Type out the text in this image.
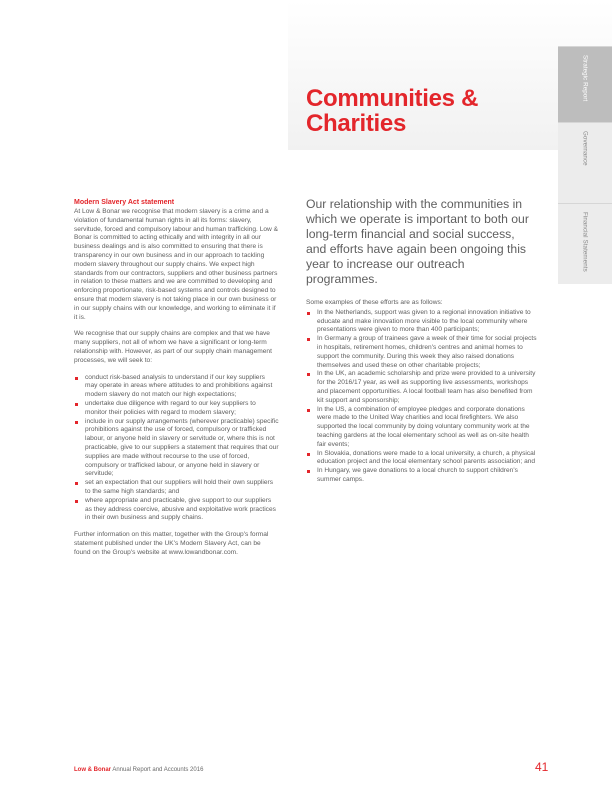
Strategic Report
Governance
Financial Statements
Communities &
Charities

Modern Slavery Act statement

At Low & Bonar we recognise that modern slavery is a crime and a violation of fundamental human rights in all its forms: slavery, servitude, forced and compulsory labour and human trafficking. Low & Bonar is committed to acting ethically and with integrity in all our business dealings and is also committed to ensuring that there is transparency in our own business and in our approach to tackling modern slavery throughout our supply chains. We expect high standards from our contractors, suppliers and other business partners in relation to these matters and we are committed to developing and enforcing proportionate, risk-based systems and controls designed to ensure that modern slavery is not taking place in our own business or in our supply chains with our knowledge, and working to eliminate it if it is.

We recognise that our supply chains are complex and that we have many suppliers, not all of whom we have a significant or long-term relationship with. However, as part of our supply chain management processes, we will seek to:

conduct risk-based analysis to understand if our key suppliers may operate in areas where attitudes to and prohibitions against modern slavery do not match our high expectations;
undertake due diligence with regard to our key suppliers to monitor their policies with regard to modern slavery;
include in our supply arrangements (wherever practicable) specific prohibitions against the use of forced, compulsory or trafficked labour, or anyone held in slavery or servitude or, where this is not practicable, give to our suppliers a statement that requires that our supplies are made without recourse to the use of forced, compulsory or trafficked labour, or anyone held in slavery or servitude;
set an expectation that our suppliers will hold their own suppliers to the same high standards; and
where appropriate and practicable, give support to our suppliers as they address coercive, abusive and exploitative work practices in their own business and supply chains.

Further information on this matter, together with the Group's formal statement published under the UK's Modern Slavery Act, can be found on the Group's website at www.lowandbonar.com.

Our relationship with the communities in which we operate is important to both our long-term financial and social success, and efforts have again been ongoing this year to increase our outreach programmes.

Some examples of these efforts are as follows:

In the Netherlands, support was given to a regional innovation initiative to educate and make innovation more visible to the local community where presentations were given to more than 400 participants;
In Germany a group of trainees gave a week of their time for social projects in hospitals, retirement homes, children's centres and animal homes to support the community. During this week they also raised donations themselves and used these on other charitable projects;
In the UK, an academic scholarship and prize were provided to a university for the 2016/17 year, as well as supporting live assessments, workshops and placement opportunities. A local football team has also benefited from kit support and sponsorship;
In the US, a combination of employee pledges and corporate donations were made to the United Way charities and local firefighters. We also supported the local community by doing voluntary community work at the teaching gardens at the local elementary school as well as on-site health fair events;
In Slovakia, donations were made to a local university, a church, a physical education project and the local elementary school parents association; and
In Hungary, we gave donations to a local church to support children's summer camps.
Low & Bonar Annual Report and Accounts 2016	41
